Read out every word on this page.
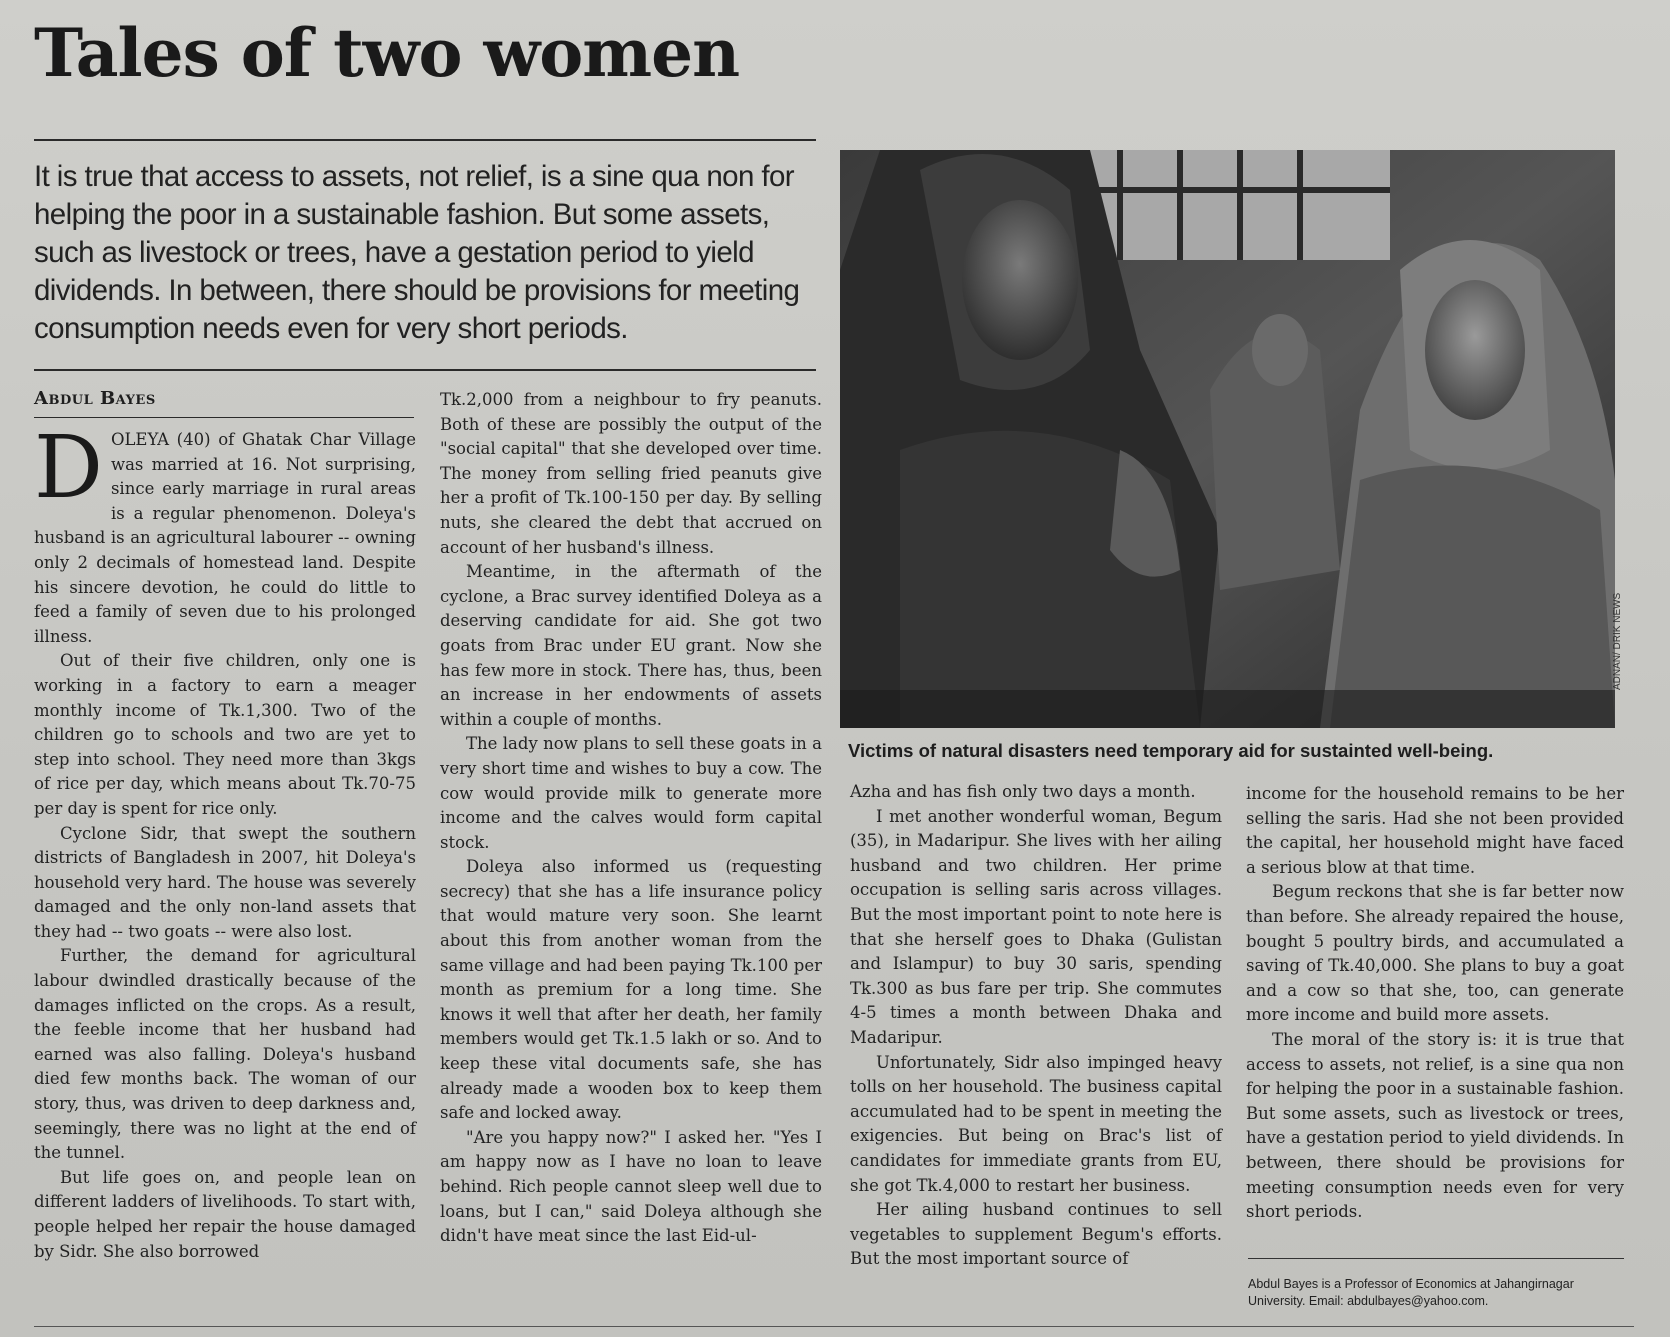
Tales of two women
It is true that access to assets, not relief, is a sine qua non for helping the poor in a sustainable fashion. But some assets, such as livestock or trees, have a gestation period to yield dividends. In between, there should be provisions for meeting consumption needs even for very short periods.
Abdul Bayes

DOLEYA (40) of Ghatak Char Village was married at 16. Not surprising, since early marriage in rural areas is a regular phenomenon. Doleya's husband is an agricultural labourer -- owning only 2 decimals of homestead land. Despite his sincere devotion, he could do little to feed a family of seven due to his prolonged illness.

Out of their five children, only one is working in a factory to earn a meager monthly income of Tk.1,300. Two of the children go to schools and two are yet to step into school. They need more than 3kgs of rice per day, which means about Tk.70-75 per day is spent for rice only.

Cyclone Sidr, that swept the southern districts of Bangladesh in 2007, hit Doleya's household very hard. The house was severely damaged and the only non-land assets that they had -- two goats -- were also lost.

Further, the demand for agricultural labour dwindled drastically because of the damages inflicted on the crops. As a result, the feeble income that her husband had earned was also falling. Doleya's husband died few months back. The woman of our story, thus, was driven to deep darkness and, seemingly, there was no light at the end of the tunnel.

But life goes on, and people lean on different ladders of livelihoods. To start with, people helped her repair the house damaged by Sidr. She also borrowed

Tk.2,000 from a neighbour to fry peanuts. Both of these are possibly the output of the "social capital" that she developed over time. The money from selling fried peanuts give her a profit of Tk.100-150 per day. By selling nuts, she cleared the debt that accrued on account of her husband's illness.

Meantime, in the aftermath of the cyclone, a Brac survey identified Doleya as a deserving candidate for aid. She got two goats from Brac under EU grant. Now she has few more in stock. There has, thus, been an increase in her endowments of assets within a couple of months.

The lady now plans to sell these goats in a very short time and wishes to buy a cow. The cow would provide milk to generate more income and the calves would form capital stock.

Doleya also informed us (requesting secrecy) that she has a life insurance policy that would mature very soon. She learnt about this from another woman from the same village and had been paying Tk.100 per month as premium for a long time. She knows it well that after her death, her family members would get Tk.1.5 lakh or so. And to keep these vital documents safe, she has already made a wooden box to keep them safe and locked away.

"Are you happy now?" I asked her. "Yes I am happy now as I have no loan to leave behind. Rich people cannot sleep well due to loans, but I can," said Doleya although she didn't have meat since the last Eid-ul-

ADNAN/ DRIK NEWS
Victims of natural disasters need temporary aid for sustainted well-being.

Azha and has fish only two days a month.

I met another wonderful woman, Begum (35), in Madaripur. She lives with her ailing husband and two children. Her prime occupation is selling saris across villages. But the most important point to note here is that she herself goes to Dhaka (Gulistan and Islampur) to buy 30 saris, spending Tk.300 as bus fare per trip. She commutes 4-5 times a month between Dhaka and Madaripur.

Unfortunately, Sidr also impinged heavy tolls on her household. The business capital accumulated had to be spent in meeting the exigencies. But being on Brac's list of candidates for immediate grants from EU, she got Tk.4,000 to restart her business.

Her ailing husband continues to sell vegetables to supplement Begum's efforts. But the most important source of

income for the household remains to be her selling the saris. Had she not been provided the capital, her household might have faced a serious blow at that time.

Begum reckons that she is far better now than before. She already repaired the house, bought 5 poultry birds, and accumulated a saving of Tk.40,000. She plans to buy a goat and a cow so that she, too, can generate more income and build more assets.

The moral of the story is: it is true that access to assets, not relief, is a sine qua non for helping the poor in a sustainable fashion. But some assets, such as livestock or trees, have a gestation period to yield dividends. In between, there should be provisions for meeting consumption needs even for very short periods.

Abdul Bayes is a Professor of Economics at Jahangirnagar University. Email: abdulbayes@yahoo.com.
